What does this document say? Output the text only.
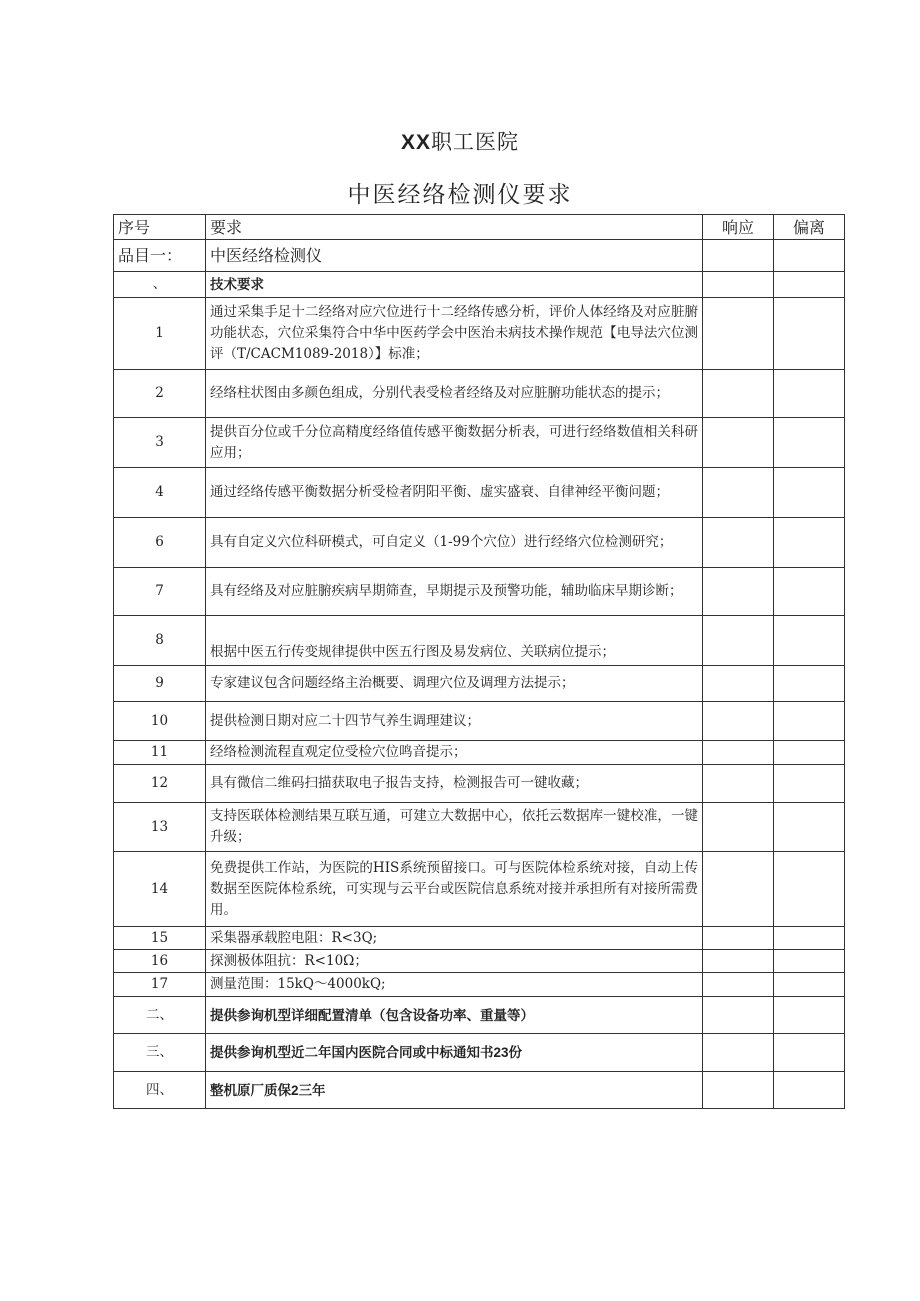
XX职工医院
中医经络检测仪要求
序号	要求	响应	偏离
品目一：	中医经络检测仪		
、	技术要求		
1	通过采集手足十二经络对应穴位进行十二经络传感分析，评价人体经络及对应脏腑功能状态，穴位采集符合中华中医药学会中医治未病技术操作规范【电导法穴位测评（T/CACM1089-2018）】标准；		
2	经络柱状图由多颜色组成，分别代表受检者经络及对应脏腑功能状态的提示；		
3	提供百分位或千分位高精度经络值传感平衡数据分析表，可进行经络数值相关科研应用；		
4	通过经络传感平衡数据分析受检者阴阳平衡、虚实盛衰、自律神经平衡问题；		
6	具有自定义穴位科研模式，可自定义（1-99个穴位）进行经络穴位检测研究；		
7	具有经络及对应脏腑疾病早期筛查，早期提示及预警功能，辅助临床早期诊断；		
8	根据中医五行传变规律提供中医五行图及易发病位、关联病位提示；		
9	专家建议包含问题经络主治概要、调理穴位及调理方法提示；		
10	提供检测日期对应二十四节气养生调理建议；		
11	经络检测流程直观定位受检穴位鸣音提示；		
12	具有微信二维码扫描获取电子报告支持，检测报告可一键收藏；		
13	支持医联体检测结果互联互通，可建立大数据中心，依托云数据库一键校准，一键升级；		
14	免费提供工作站，为医院的HIS系统预留接口。可与医院体检系统对接，自动上传数据至医院体检系统，可实现与云平台或医院信息系统对接并承担所有对接所需费用。		
15	采集器承载腔电阻：R<3Q;		
16	探测极体阻抗：R<10Ω；		
17	测量范围：15kQ～4000kQ;		
二、	提供参询机型详细配置清单（包含设备功率、重量等）		
三、	提供参询机型近二年国内医院合同或中标通知书23份		
四、	整机原厂质保2三年		
